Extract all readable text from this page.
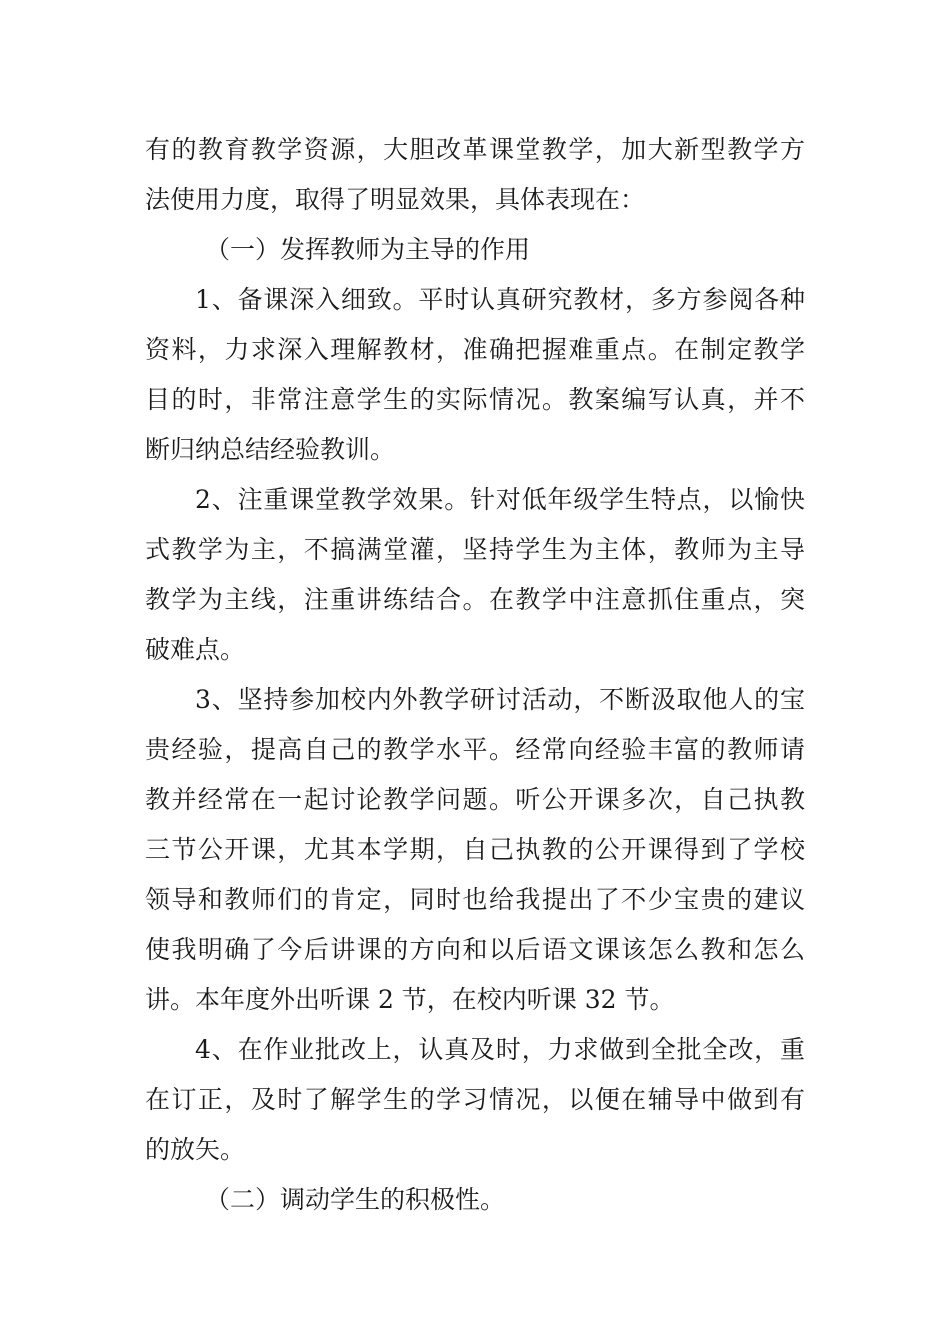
有的教育教学资源，大胆改革课堂教学，加大新型教学方
法使用力度，取得了明显效果，具体表现在：
（一）发挥教师为主导的作用
1、备课深入细致。平时认真研究教材，多方参阅各种
资料，力求深入理解教材，准确把握难重点。在制定教学
目的时，非常注意学生的实际情况。教案编写认真，并不
断归纳总结经验教训。
2、注重课堂教学效果。针对低年级学生特点，以愉快
式教学为主，不搞满堂灌，坚持学生为主体，教师为主导
教学为主线，注重讲练结合。在教学中注意抓住重点，突
破难点。
3、坚持参加校内外教学研讨活动，不断汲取他人的宝
贵经验，提高自己的教学水平。经常向经验丰富的教师请
教并经常在一起讨论教学问题。听公开课多次，自己执教
三节公开课，尤其本学期，自己执教的公开课得到了学校
领导和教师们的肯定，同时也给我提出了不少宝贵的建议
使我明确了今后讲课的方向和以后语文课该怎么教和怎么
讲。本年度外出听课 2 节，在校内听课 32 节。
4、在作业批改上，认真及时，力求做到全批全改，重
在订正，及时了解学生的学习情况，以便在辅导中做到有
的放矢。
（二）调动学生的积极性。
